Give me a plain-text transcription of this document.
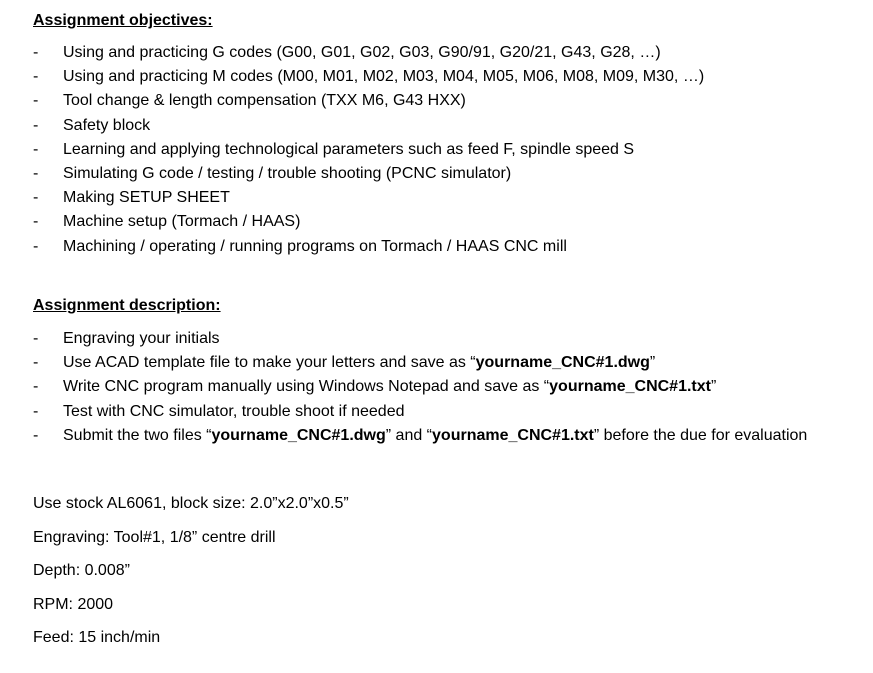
Assignment objectives:
- Using and practicing G codes (G00, G01, G02, G03, G90/91, G20/21, G43, G28, …)
- Using and practicing M codes (M00, M01, M02, M03, M04, M05, M06, M08, M09, M30, …)
- Tool change & length compensation (TXX M6, G43 HXX)
- Safety block
- Learning and applying technological parameters such as feed F, spindle speed S
- Simulating G code / testing / trouble shooting (PCNC simulator)
- Making SETUP SHEET
- Machine setup (Tormach / HAAS)
- Machining / operating / running programs on Tormach / HAAS CNC mill
Assignment description:
- Engraving your initials
- Use ACAD template file to make your letters and save as “yourname_CNC#1.dwg”
- Write CNC program manually using Windows Notepad and save as “yourname_CNC#1.txt”
- Test with CNC simulator, trouble shoot if needed
- Submit the two files “yourname_CNC#1.dwg” and “yourname_CNC#1.txt” before the due for evaluation
Use stock AL6061, block size: 2.0”x2.0”x0.5”
Engraving: Tool#1, 1/8” centre drill
Depth: 0.008”
RPM: 2000
Feed: 15 inch/min
